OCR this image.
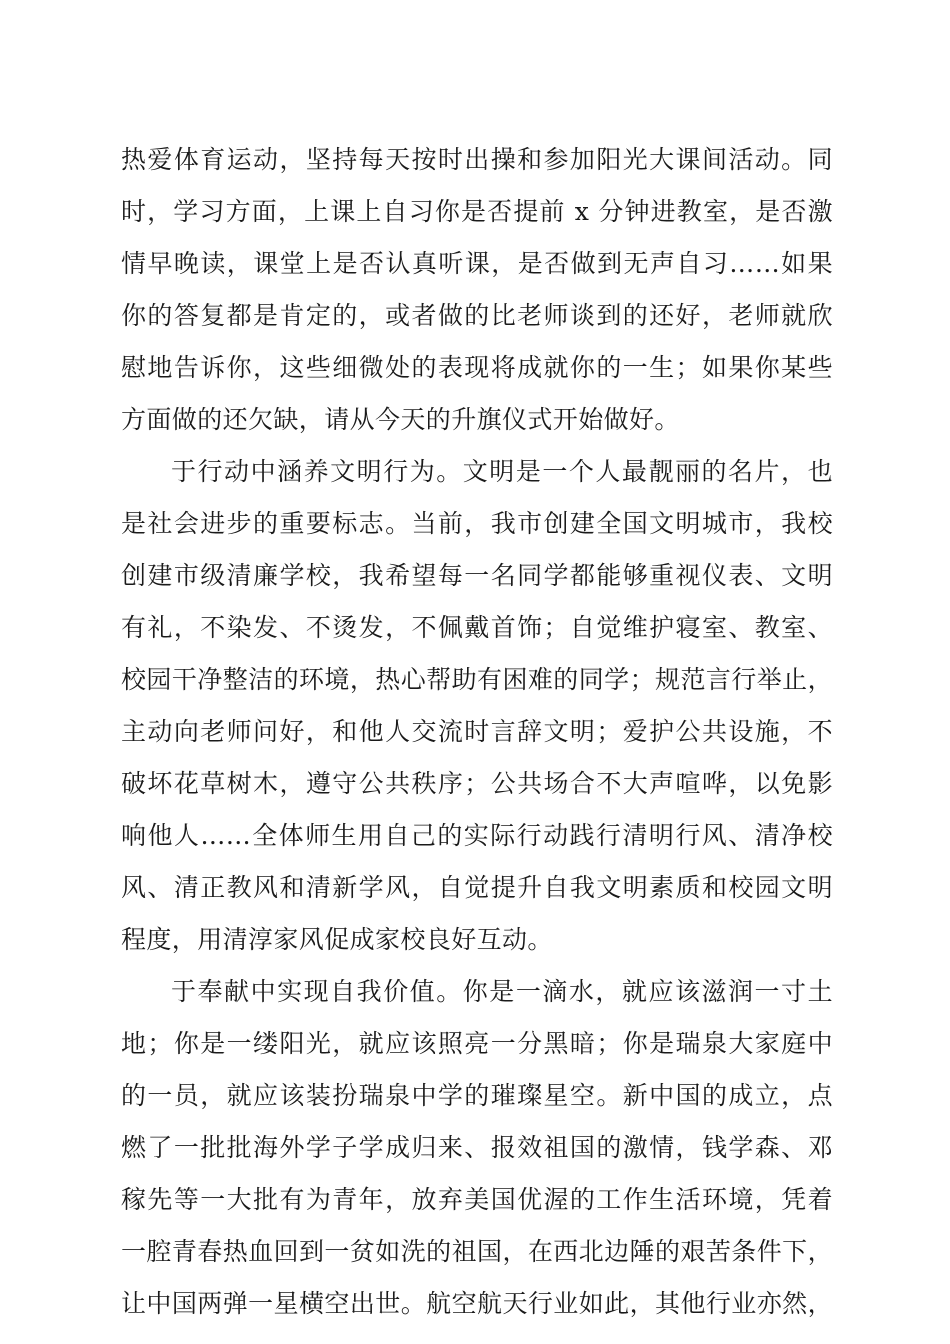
热爱体育运动，坚持每天按时出操和参加阳光大课间活动。同
时，学习方面，上课上自习你是否提前 x 分钟进教室，是否激
情早晚读，课堂上是否认真听课，是否做到无声自习……如果
你的答复都是肯定的，或者做的比老师谈到的还好，老师就欣
慰地告诉你，这些细微处的表现将成就你的一生；如果你某些
方面做的还欠缺，请从今天的升旗仪式开始做好。
于行动中涵养文明行为。文明是一个人最靓丽的名片，也
是社会进步的重要标志。当前，我市创建全国文明城市，我校
创建市级清廉学校，我希望每一名同学都能够重视仪表、文明
有礼，不染发、不烫发，不佩戴首饰；自觉维护寝室、教室、
校园干净整洁的环境，热心帮助有困难的同学；规范言行举止，
主动向老师问好，和他人交流时言辞文明；爱护公共设施，不
破坏花草树木，遵守公共秩序；公共场合不大声喧哗，以免影
响他人……全体师生用自己的实际行动践行清明行风、清净校
风、清正教风和清新学风，自觉提升自我文明素质和校园文明
程度，用清淳家风促成家校良好互动。
于奉献中实现自我价值。你是一滴水，就应该滋润一寸土
地；你是一缕阳光，就应该照亮一分黑暗；你是瑞泉大家庭中
的一员，就应该装扮瑞泉中学的璀璨星空。新中国的成立，点
燃了一批批海外学子学成归来、报效祖国的激情，钱学森、邓
稼先等一大批有为青年，放弃美国优渥的工作生活环境，凭着
一腔青春热血回到一贫如洗的祖国，在西北边陲的艰苦条件下，
让中国两弹一星横空出世。航空航天行业如此，其他行业亦然，
